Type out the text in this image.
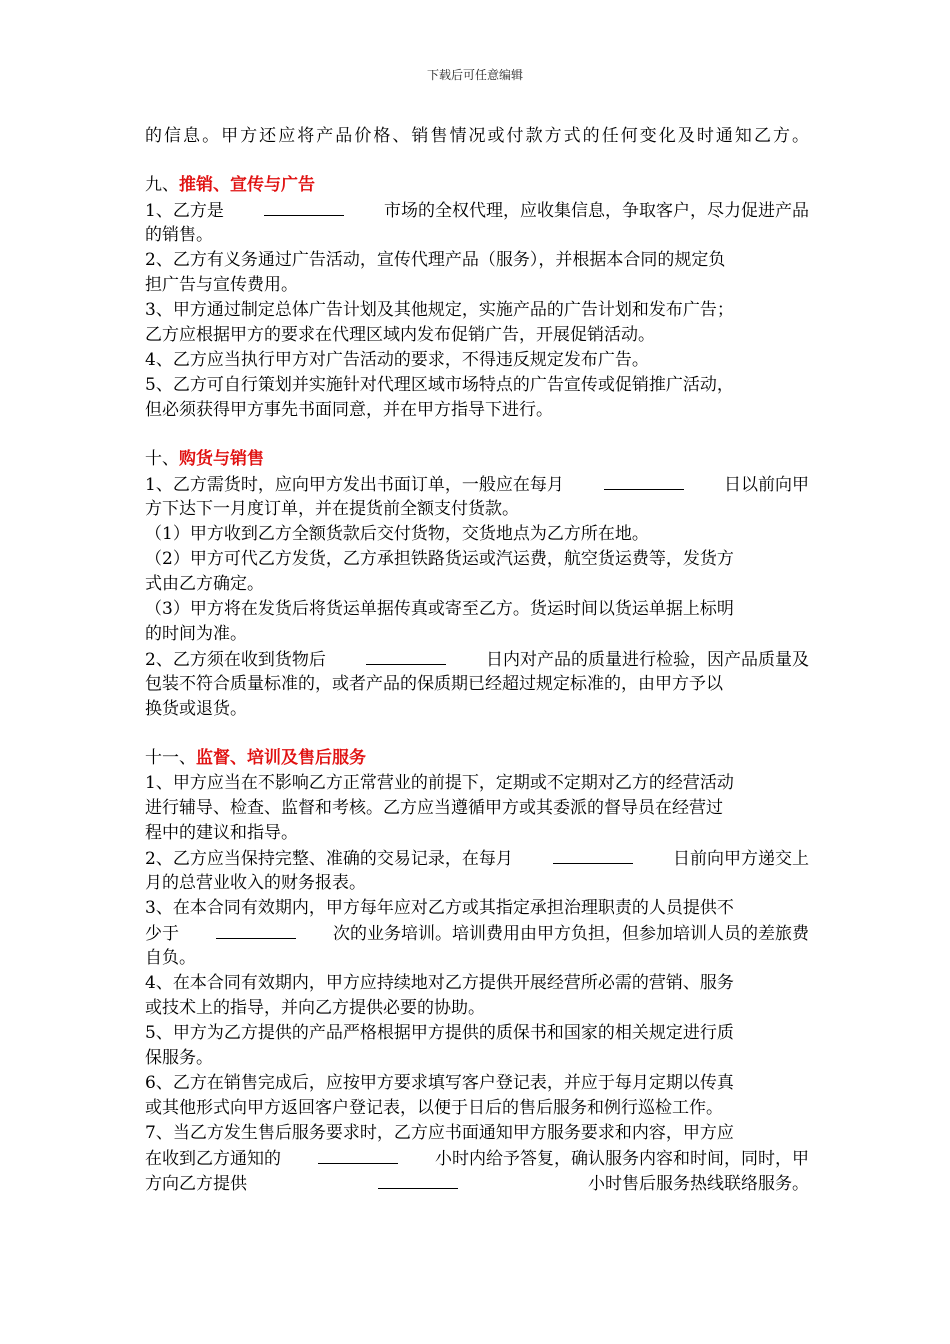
下载后可任意编辑
的信息。甲方还应将产品价格、销售情况或付款方式的任何变化及时通知乙方。
九、推销、宣传与广告
1、乙方是	市场的全权代理，应收集信息，争取客户，尽力促进产品
的销售。
2、乙方有义务通过广告活动，宣传代理产品（服务），并根据本合同的规定负
担广告与宣传费用。
3、甲方通过制定总体广告计划及其他规定，实施产品的广告计划和发布广告；
乙方应根据甲方的要求在代理区域内发布促销广告，开展促销活动。
4、乙方应当执行甲方对广告活动的要求，不得违反规定发布广告。
5、乙方可自行策划并实施针对代理区域市场特点的广告宣传或促销推广活动，
但必须获得甲方事先书面同意，并在甲方指导下进行。
十、购货与销售
1、乙方需货时，应向甲方发出书面订单，一般应在每月	日以前向甲
方下达下一月度订单，并在提货前全额支付货款。
（1）甲方收到乙方全额货款后交付货物，交货地点为乙方所在地。
（2）甲方可代乙方发货，乙方承担铁路货运或汽运费，航空货运费等，发货方
式由乙方确定。
（3）甲方将在发货后将货运单据传真或寄至乙方。货运时间以货运单据上标明
的时间为准。
2、乙方须在收到货物后	日内对产品的质量进行检验，因产品质量及
包装不符合质量标准的，或者产品的保质期已经超过规定标准的，由甲方予以
换货或退货。
十一、监督、培训及售后服务
1、甲方应当在不影响乙方正常营业的前提下，定期或不定期对乙方的经营活动
进行辅导、检查、监督和考核。乙方应当遵循甲方或其委派的督导员在经营过
程中的建议和指导。
2、乙方应当保持完整、准确的交易记录，在每月	日前向甲方递交上
月的总营业收入的财务报表。
3、在本合同有效期内，甲方每年应对乙方或其指定承担治理职责的人员提供不
少于	次的业务培训。培训费用由甲方负担，但参加培训人员的差旅费
自负。
4、在本合同有效期内，甲方应持续地对乙方提供开展经营所必需的营销、服务
或技术上的指导，并向乙方提供必要的协助。
5、甲方为乙方提供的产品严格根据甲方提供的质保书和国家的相关规定进行质
保服务。
6、乙方在销售完成后，应按甲方要求填写客户登记表，并应于每月定期以传真
或其他形式向甲方返回客户登记表，以便于日后的售后服务和例行巡检工作。
7、当乙方发生售后服务要求时，乙方应书面通知甲方服务要求和内容，甲方应
在收到乙方通知的	小时内给予答复，确认服务内容和时间，同时，甲
方向乙方提供	小时售后服务热线联络服务。
